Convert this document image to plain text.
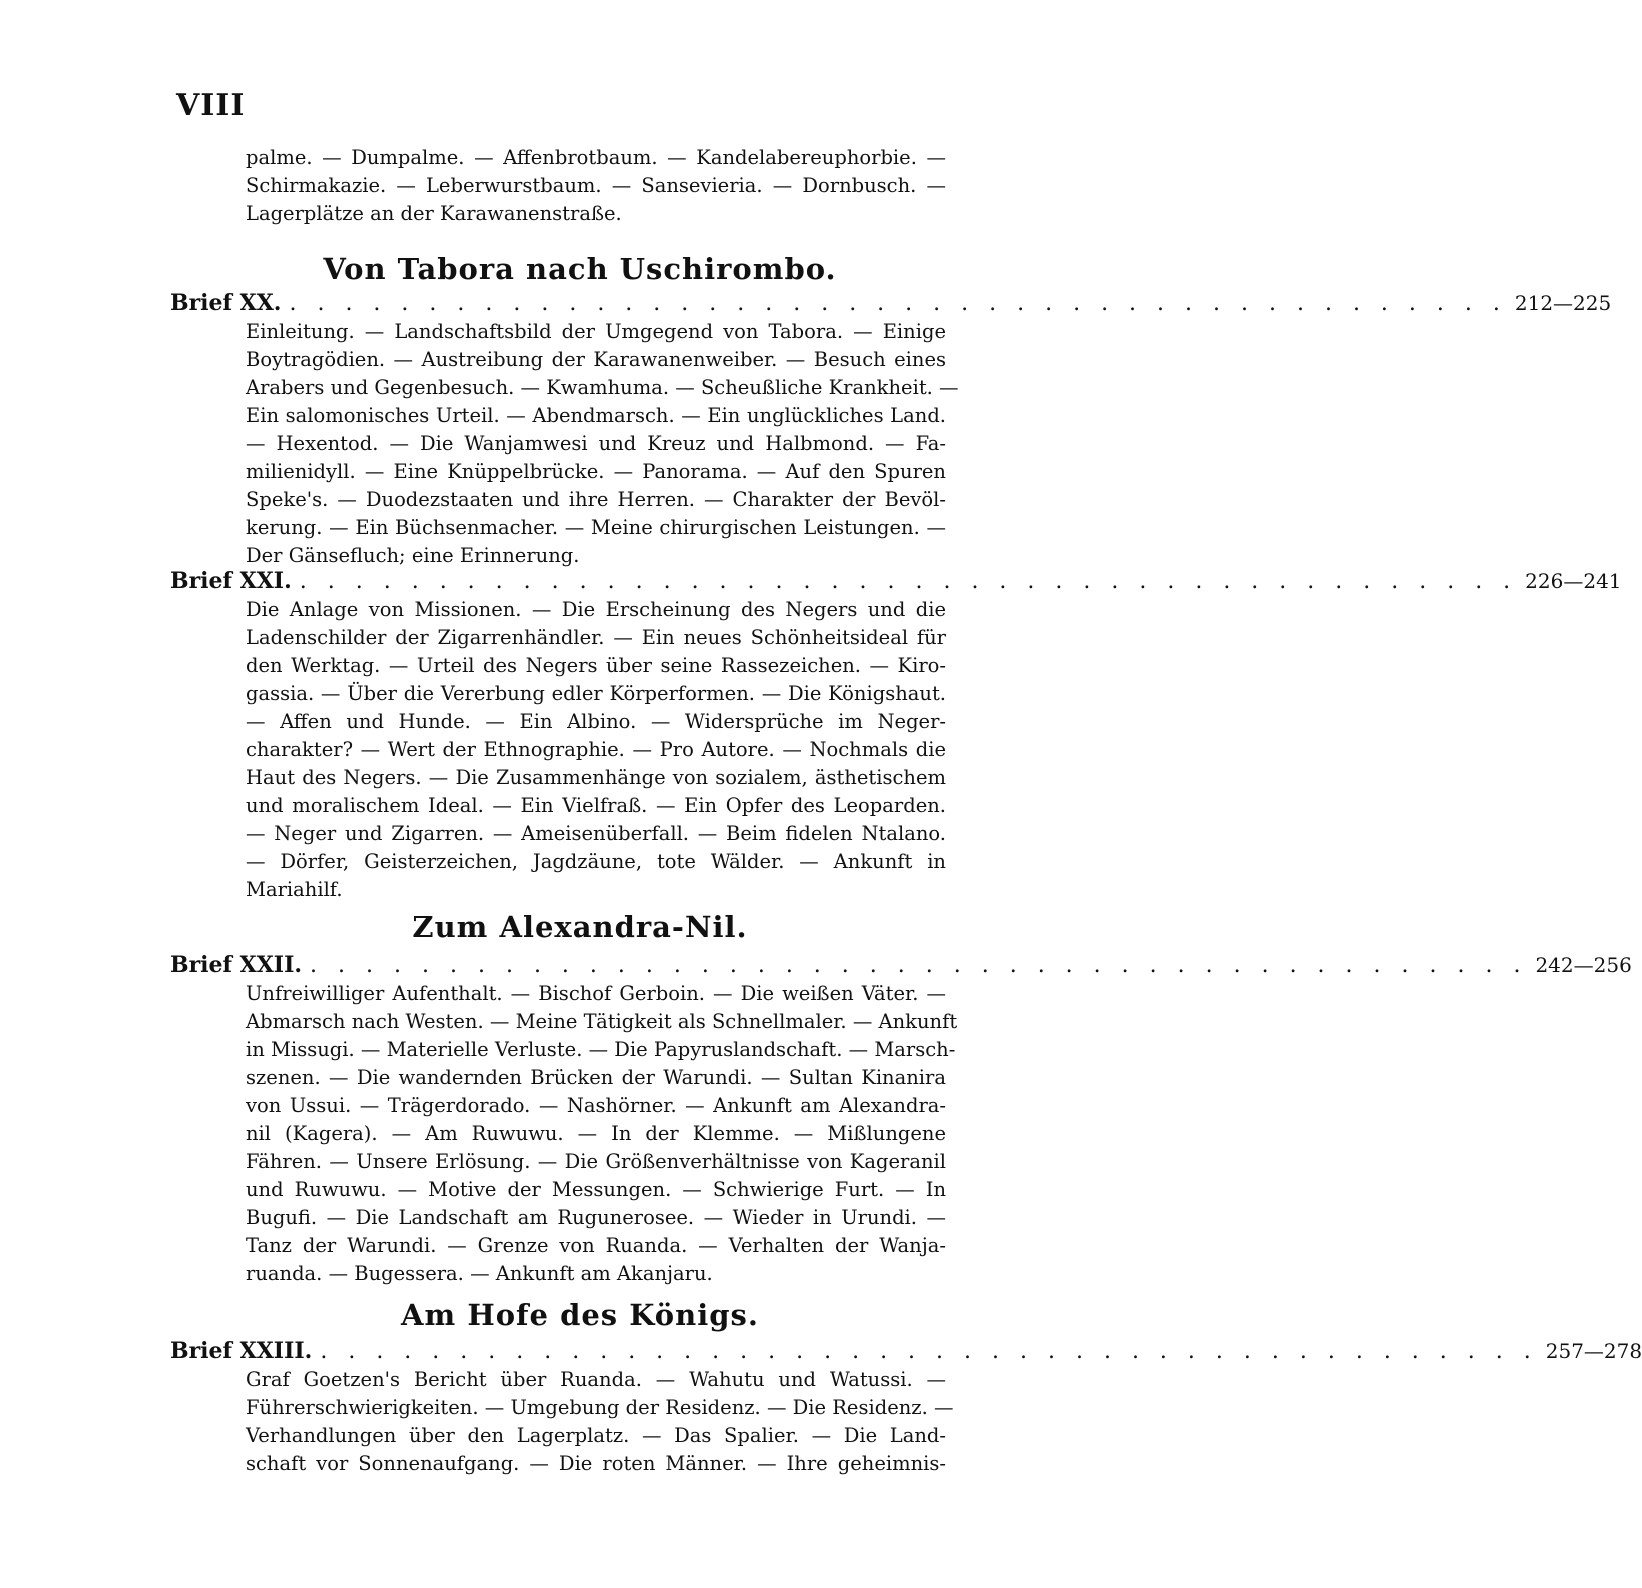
VIII
palme. — Dumpalme. — Affenbrotbaum. — Kandelabereuphorbie. —
Schirmakazie. — Leberwurstbaum. — Sansevieria. — Dornbusch. —
Lagerplätze an der Karawanenstraße.
Von Tabora nach Uschirombo.
Brief XX. . . . . . . . . . . . . . . . . . . . . . . . . . . . . . . . . . . . . . . . . . . . . 212—225
Einleitung. — Landschaftsbild der Umgegend von Tabora. — Einige
Boytragödien. — Austreibung der Karawanenweiber. — Besuch eines
Arabers und Gegenbesuch. — Kwamhuma. — Scheußliche Krankheit. —
Ein salomonisches Urteil. — Abendmarsch. — Ein unglückliches Land.
— Hexentod. — Die Wanjamwesi und Kreuz und Halbmond. — Fa-
milienidyll. — Eine Knüppelbrücke. — Panorama. — Auf den Spuren
Speke's. — Duodezstaaten und ihre Herren. — Charakter der Bevöl-
kerung. — Ein Büchsenmacher. — Meine chirurgischen Leistungen. —
Der Gänsefluch; eine Erinnerung.
Brief XXI. . . . . . . . . . . . . . . . . . . . . . . . . . . . . . . . . . . . . . . . . . . . . 226—241
Die Anlage von Missionen. — Die Erscheinung des Negers und die
Ladenschilder der Zigarrenhändler. — Ein neues Schönheitsideal für
den Werktag. — Urteil des Negers über seine Rassezeichen. — Kiro-
gassia. — Über die Vererbung edler Körperformen. — Die Königshaut.
— Affen und Hunde. — Ein Albino. — Widersprüche im Neger-
charakter? — Wert der Ethnographie. — Pro Autore. — Nochmals die
Haut des Negers. — Die Zusammenhänge von sozialem, ästhetischem
und moralischem Ideal. — Ein Vielfraß. — Ein Opfer des Leoparden.
— Neger und Zigarren. — Ameisenüberfall. — Beim fidelen Ntalano.
— Dörfer, Geisterzeichen, Jagdzäune, tote Wälder. — Ankunft in
Mariahilf.
Zum Alexandra-Nil.
Brief XXII. . . . . . . . . . . . . . . . . . . . . . . . . . . . . . . . . . . . . . . . . . . . . 242—256
Unfreiwilliger Aufenthalt. — Bischof Gerboin. — Die weißen Väter. —
Abmarsch nach Westen. — Meine Tätigkeit als Schnellmaler. — Ankunft
in Missugi. — Materielle Verluste. — Die Papyruslandschaft. — Marsch-
szenen. — Die wandernden Brücken der Warundi. — Sultan Kinanira
von Ussui. — Trägerdorado. — Nashörner. — Ankunft am Alexandra-
nil (Kagera). — Am Ruwuwu. — In der Klemme. — Mißlungene
Fähren. — Unsere Erlösung. — Die Größenverhältnisse von Kageranil
und Ruwuwu. — Motive der Messungen. — Schwierige Furt. — In
Bugufi. — Die Landschaft am Rugunerosee. — Wieder in Urundi. —
Tanz der Warundi. — Grenze von Ruanda. — Verhalten der Wanja-
ruanda. — Bugessera. — Ankunft am Akanjaru.
Am Hofe des Königs.
Brief XXIII. . . . . . . . . . . . . . . . . . . . . . . . . . . . . . . . . . . . . . . . . . . . . 257—278
Graf Goetzen's Bericht über Ruanda. — Wahutu und Watussi. —
Führerschwierigkeiten. — Umgebung der Residenz. — Die Residenz. —
Verhandlungen über den Lagerplatz. — Das Spalier. — Die Land-
schaft vor Sonnenaufgang. — Die roten Männer. — Ihre geheimnis-
